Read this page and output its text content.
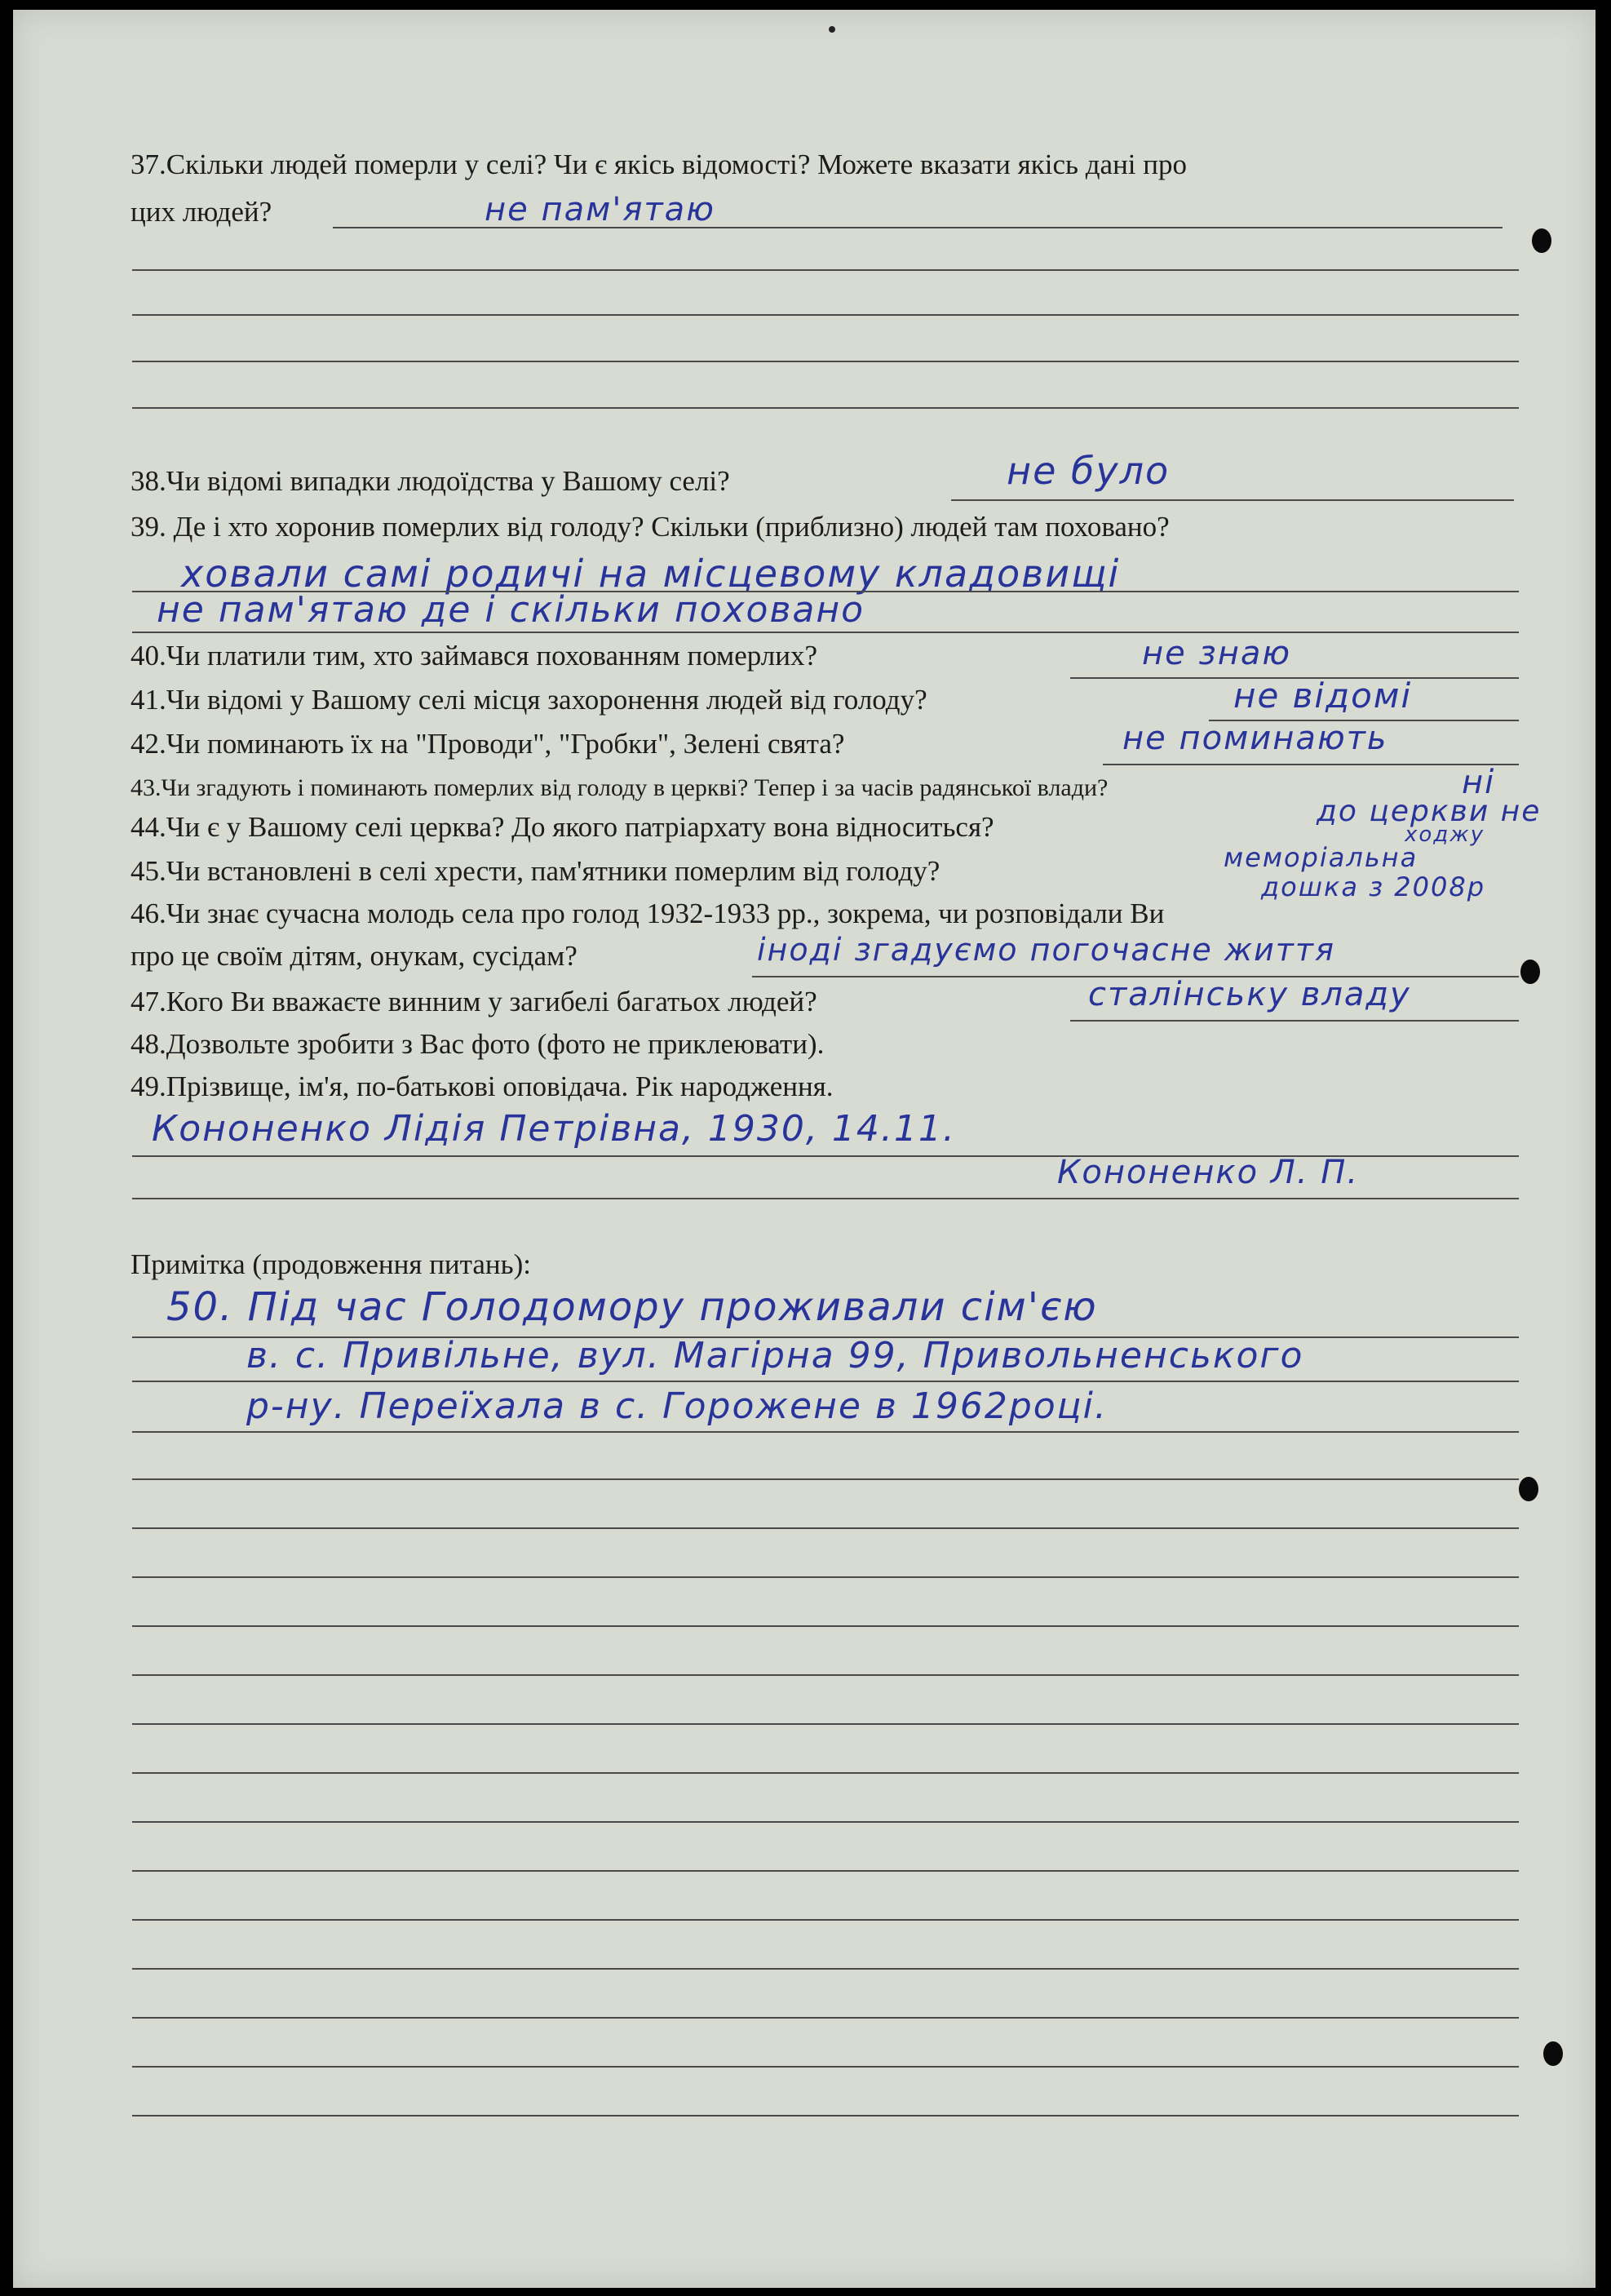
37.Скільки людей померли у селі? Чи є якісь відомості? Можете вказати якісь дані про
цих людей?	не пам'ятаю
38.Чи відомі випадки людоїдства у Вашому селі?	не було
39. Де і хто хоронив померлих від голоду? Скільки (приблизно) людей там поховано?
ховали самі родичі на місцевому кладовищі
не пам'ятаю де і скільки поховано
40.Чи платили тим, хто займався похованням померлих?	не знаю
41.Чи відомі у Вашому селі місця захоронення людей від голоду?	не відомі
42.Чи поминають їх на "Проводи", "Гробки", Зелені свята?	не поминають
43.Чи згадують і поминають померлих від голоду в церкві? Тепер і за часів радянської влади?	ні
44.Чи є у Вашому селі церква? До якого патріархату вона відноситься?	до церкви не
ходжу
45.Чи встановлені в селі хрести, пам'ятники померлим від голоду?	меморіальна
дошка з 2008р
46.Чи знає сучасна молодь села про голод 1932-1933 рр., зокрема, чи розповідали Ви
про це своїм дітям, онукам, сусідам?	іноді згадуємо погочасне життя
47.Кого Ви вважаєте винним у загибелі багатьох людей?	сталінську владу
48.Дозвольте зробити з Вас фото (фото не приклеювати).
49.Прізвище, ім'я, по-батькові оповідача. Рік народження.
Кононенко Лідія Петрівна, 1930, 14.11.
Кононенко Л. П.
Примітка (продовження питань):
50. Під час Голодомору проживали сім'єю
в. с. Привільне, вул. Магірна 99, Привольненського
р-ну. Переїхала в с. Горожене в 1962році.
